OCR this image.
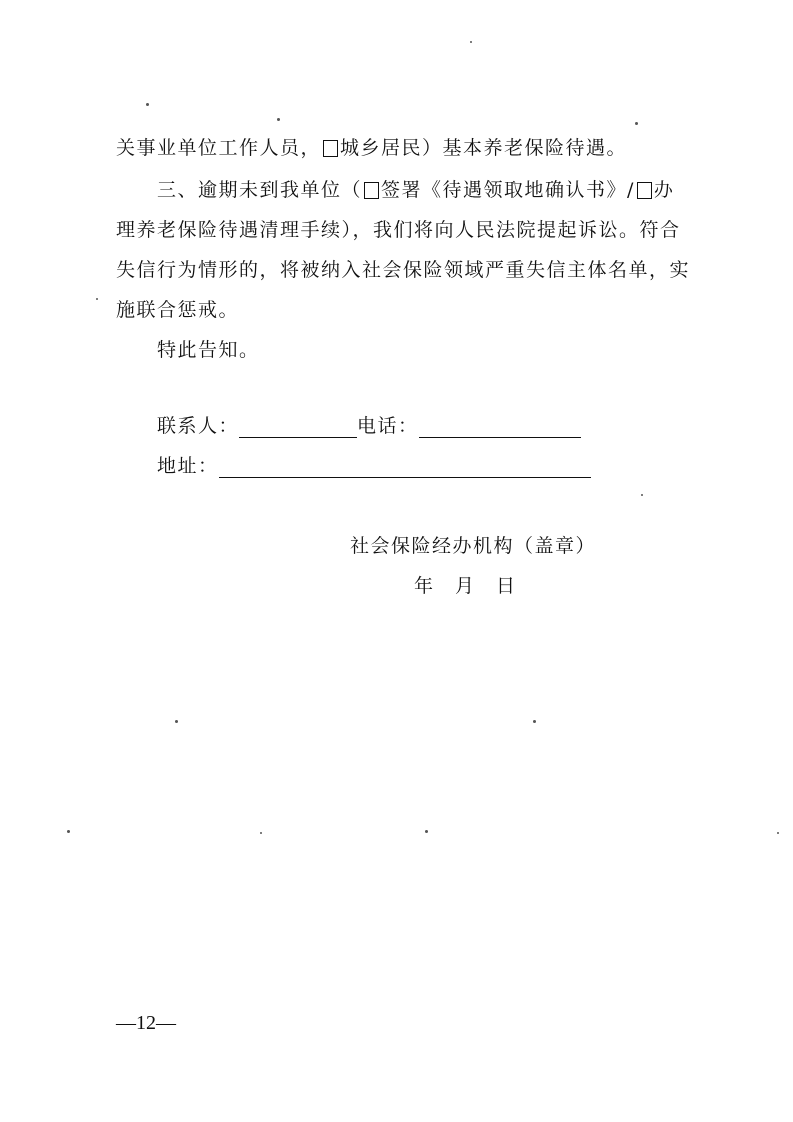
关事业单位工作人员， 城乡居民）基本养老保险待遇。
三、逾期未到我单位（ 签署《待遇领取地确认书》/ 办
理养老保险待遇清理手续），我们将向人民法院提起诉讼。符合
失信行为情形的，将被纳入社会保险领域严重失信主体名单，实
施联合惩戒。
特此告知。
联系人：	电话：
地址：
社会保险经办机构（盖章）
年　月　日
—12—
